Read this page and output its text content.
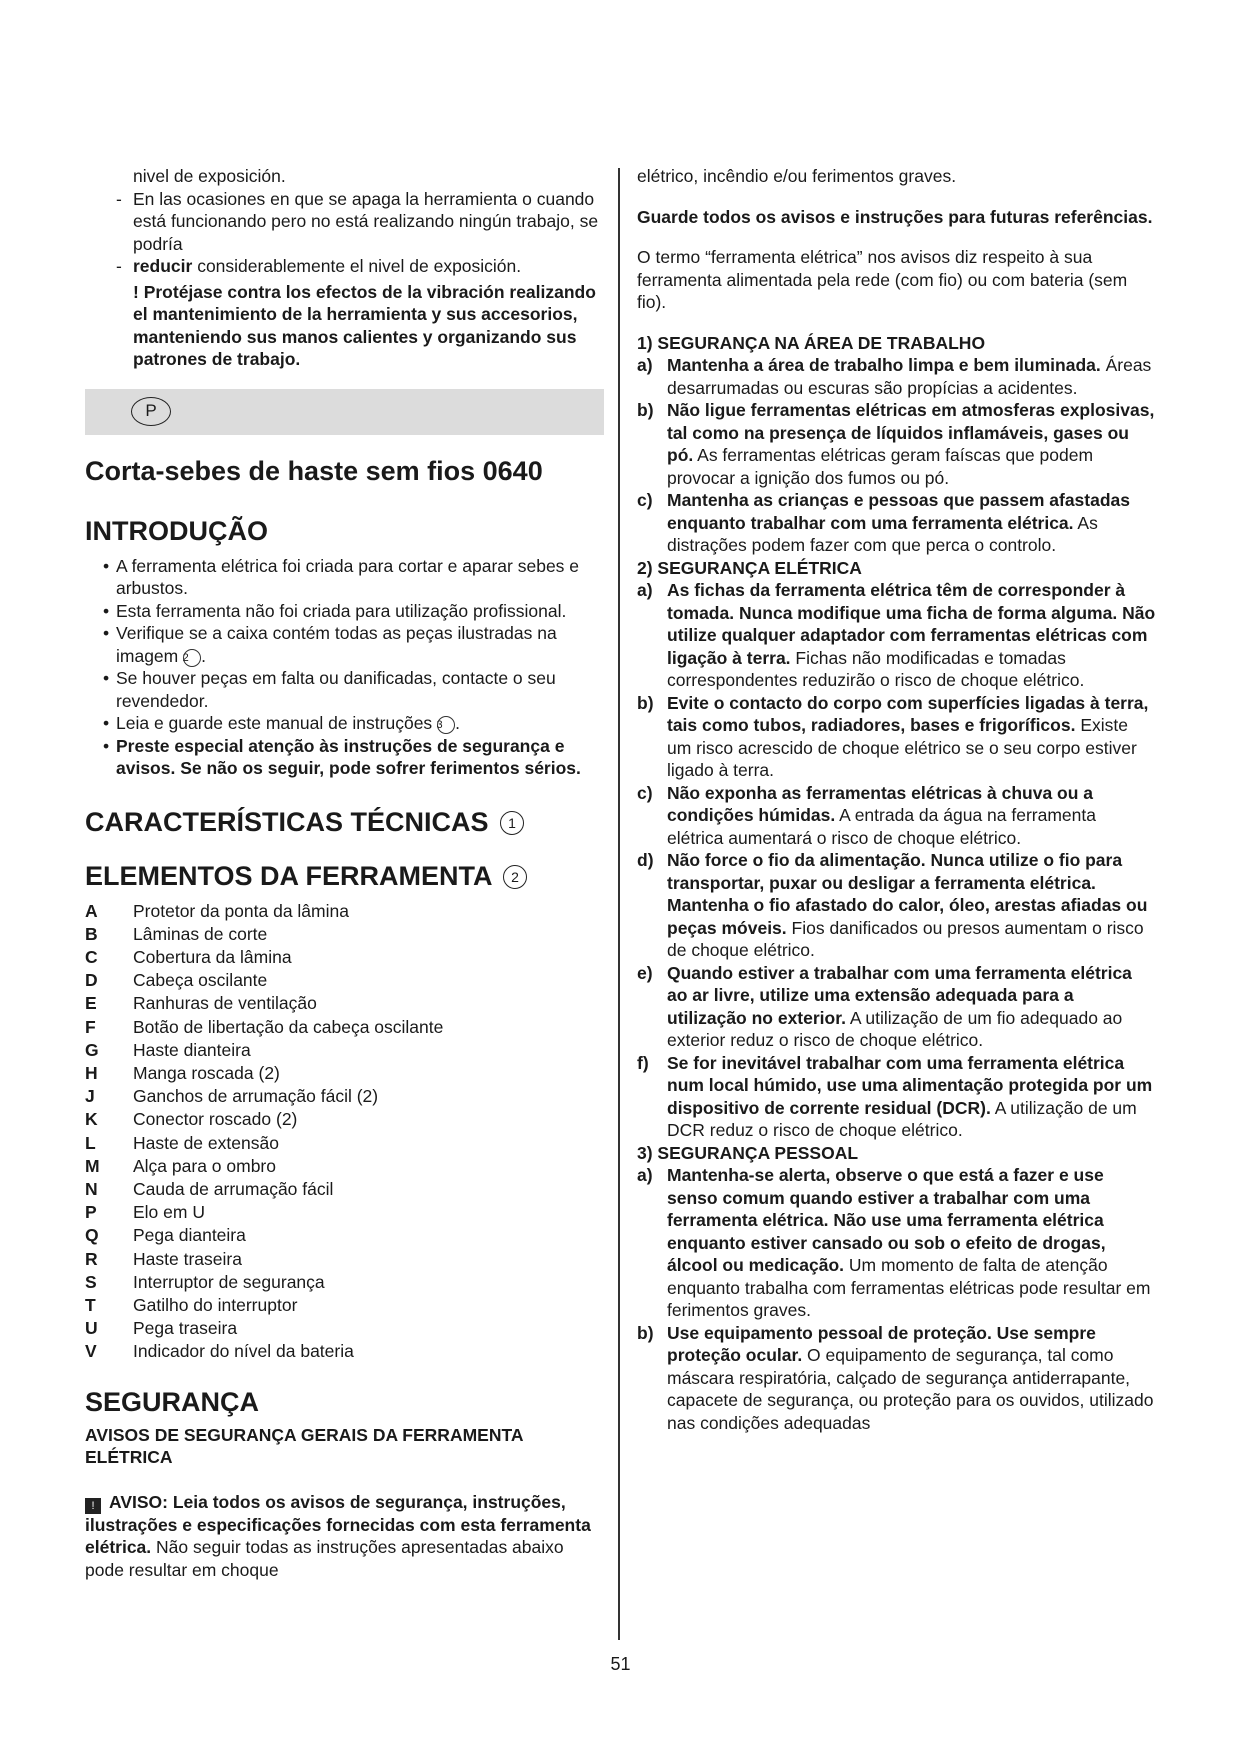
nivel de exposición.

- En las ocasiones en que se apaga la herramienta o cuando está funcionando pero no está realizando ningún trabajo, se podría

- reducir considerablemente el nivel de exposición.

! Protéjase contra los efectos de la vibración realizando el mantenimiento de la herramienta y sus accesorios, manteniendo sus manos calientes y organizando sus patrones de trabajo.

P
Corta-sebes de haste sem fios 0640
INTRODUÇÃO
• A ferramenta elétrica foi criada para cortar e aparar sebes e arbustos.
• Esta ferramenta não foi criada para utilização profissional.
• Verifique se a caixa contém todas as peças ilustradas na imagem 2 .
• Se houver peças em falta ou danificadas, contacte o seu revendedor.
• Leia e guarde este manual de instruções 3 .
• Preste especial atenção às instruções de segurança e avisos. Se não os seguir, pode sofrer ferimentos sérios.
CARACTERÍSTICAS TÉCNICAS 1
ELEMENTOS DA FERRAMENTA 2
A	Protetor da ponta da lâmina
B	Lâminas de corte
C	Cobertura da lâmina
D	Cabeça oscilante
E	Ranhuras de ventilação
F	Botão de libertação da cabeça oscilante
G	Haste dianteira
H	Manga roscada (2)
J	Ganchos de arrumação fácil (2)
K	Conector roscado (2)
L	Haste de extensão
M	Alça para o ombro
N	Cauda de arrumação fácil
P	Elo em U
Q	Pega dianteira
R	Haste traseira
S	Interruptor de segurança
T	Gatilho do interruptor
U	Pega traseira
V	Indicador do nível da bateria
SEGURANÇA

AVISOS DE SEGURANÇA GERAIS DA FERRAMENTA ELÉTRICA

! AVISO: Leia todos os avisos de segurança, instruções, ilustrações e especificações fornecidas com esta ferramenta elétrica. Não seguir todas as instruções apresentadas abaixo pode resultar em choque

elétrico, incêndio e/ou ferimentos graves.

Guarde todos os avisos e instruções para futuras referências.

O termo “ferramenta elétrica” nos avisos diz respeito à sua ferramenta alimentada pela rede (com fio) ou com bateria (sem fio).

1) SEGURANÇA NA ÁREA DE TRABALHO

a) Mantenha a área de trabalho limpa e bem iluminada. Áreas desarrumadas ou escuras são propícias a acidentes.

b) Não ligue ferramentas elétricas em atmosferas explosivas, tal como na presença de líquidos inflamáveis, gases ou pó. As ferramentas elétricas geram faíscas que podem provocar a ignição dos fumos ou pó.

c) Mantenha as crianças e pessoas que passem afastadas enquanto trabalhar com uma ferramenta elétrica. As distrações podem fazer com que perca o controlo.

2) SEGURANÇA ELÉTRICA

a) As fichas da ferramenta elétrica têm de corresponder à tomada. Nunca modifique uma ficha de forma alguma. Não utilize qualquer adaptador com ferramentas elétricas com ligação à terra. Fichas não modificadas e tomadas correspondentes reduzirão o risco de choque elétrico.

b) Evite o contacto do corpo com superfícies ligadas à terra, tais como tubos, radiadores, bases e frigoríficos. Existe um risco acrescido de choque elétrico se o seu corpo estiver ligado à terra.

c) Não exponha as ferramentas elétricas à chuva ou a condições húmidas. A entrada da água na ferramenta elétrica aumentará o risco de choque elétrico.

d) Não force o fio da alimentação. Nunca utilize o fio para transportar, puxar ou desligar a ferramenta elétrica. Mantenha o fio afastado do calor, óleo, arestas afiadas ou peças móveis. Fios danificados ou presos aumentam o risco de choque elétrico.

e) Quando estiver a trabalhar com uma ferramenta elétrica ao ar livre, utilize uma extensão adequada para a utilização no exterior. A utilização de um fio adequado ao exterior reduz o risco de choque elétrico.

f) Se for inevitável trabalhar com uma ferramenta elétrica num local húmido, use uma alimentação protegida por um dispositivo de corrente residual (DCR). A utilização de um DCR reduz o risco de choque elétrico.

3) SEGURANÇA PESSOAL

a) Mantenha-se alerta, observe o que está a fazer e use senso comum quando estiver a trabalhar com uma ferramenta elétrica. Não use uma ferramenta elétrica enquanto estiver cansado ou sob o efeito de drogas, álcool ou medicação. Um momento de falta de atenção enquanto trabalha com ferramentas elétricas pode resultar em ferimentos graves.

b) Use equipamento pessoal de proteção. Use sempre proteção ocular. O equipamento de segurança, tal como máscara respiratória, calçado de segurança antiderrapante, capacete de segurança, ou proteção para os ouvidos, utilizado nas condições adequadas

51
